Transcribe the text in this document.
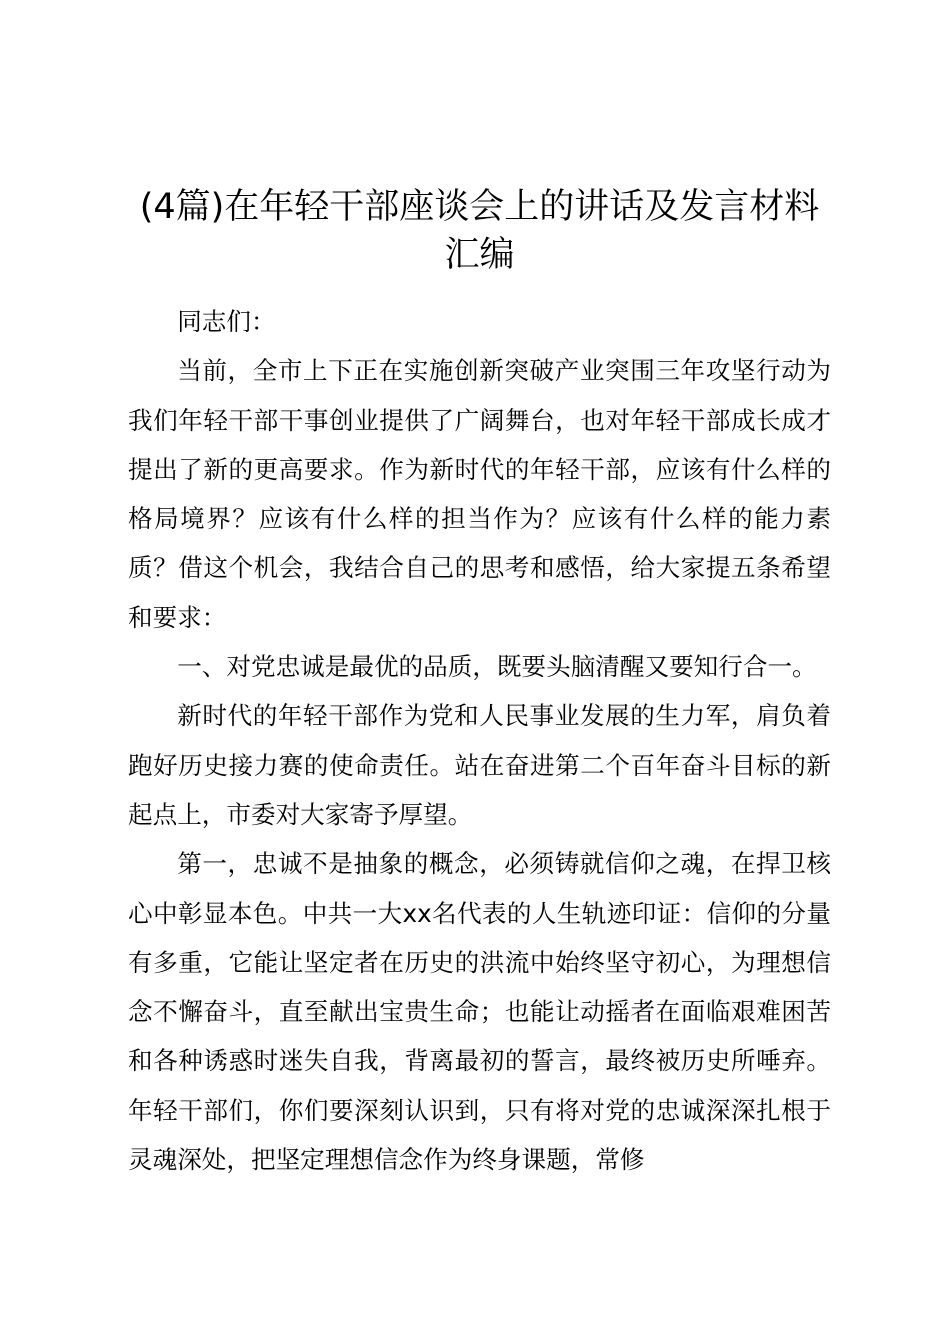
(4篇)在年轻干部座谈会上的讲话及发言材料汇编

同志们：

当前，全市上下正在实施创新突破产业突围三年攻坚行动为我们年轻干部干事创业提供了广阔舞台，也对年轻干部成长成才提出了新的更高要求。作为新时代的年轻干部，应该有什么样的格局境界？应该有什么样的担当作为？应该有什么样的能力素质？借这个机会，我结合自己的思考和感悟，给大家提五条希望和要求：

一、对党忠诚是最优的品质，既要头脑清醒又要知行合一。

新时代的年轻干部作为党和人民事业发展的生力军，肩负着跑好历史接力赛的使命责任。站在奋进第二个百年奋斗目标的新起点上，市委对大家寄予厚望。

第一，忠诚不是抽象的概念，必须铸就信仰之魂，在捍卫核心中彰显本色。中共一大xx名代表的人生轨迹印证：信仰的分量有多重，它能让坚定者在历史的洪流中始终坚守初心，为理想信念不懈奋斗，直至献出宝贵生命；也能让动摇者在面临艰难困苦和各种诱惑时迷失自我，背离最初的誓言，最终被历史所唾弃。年轻干部们，你们要深刻认识到，只有将对党的忠诚深深扎根于灵魂深处，把坚定理想信念作为终身课题，常修
